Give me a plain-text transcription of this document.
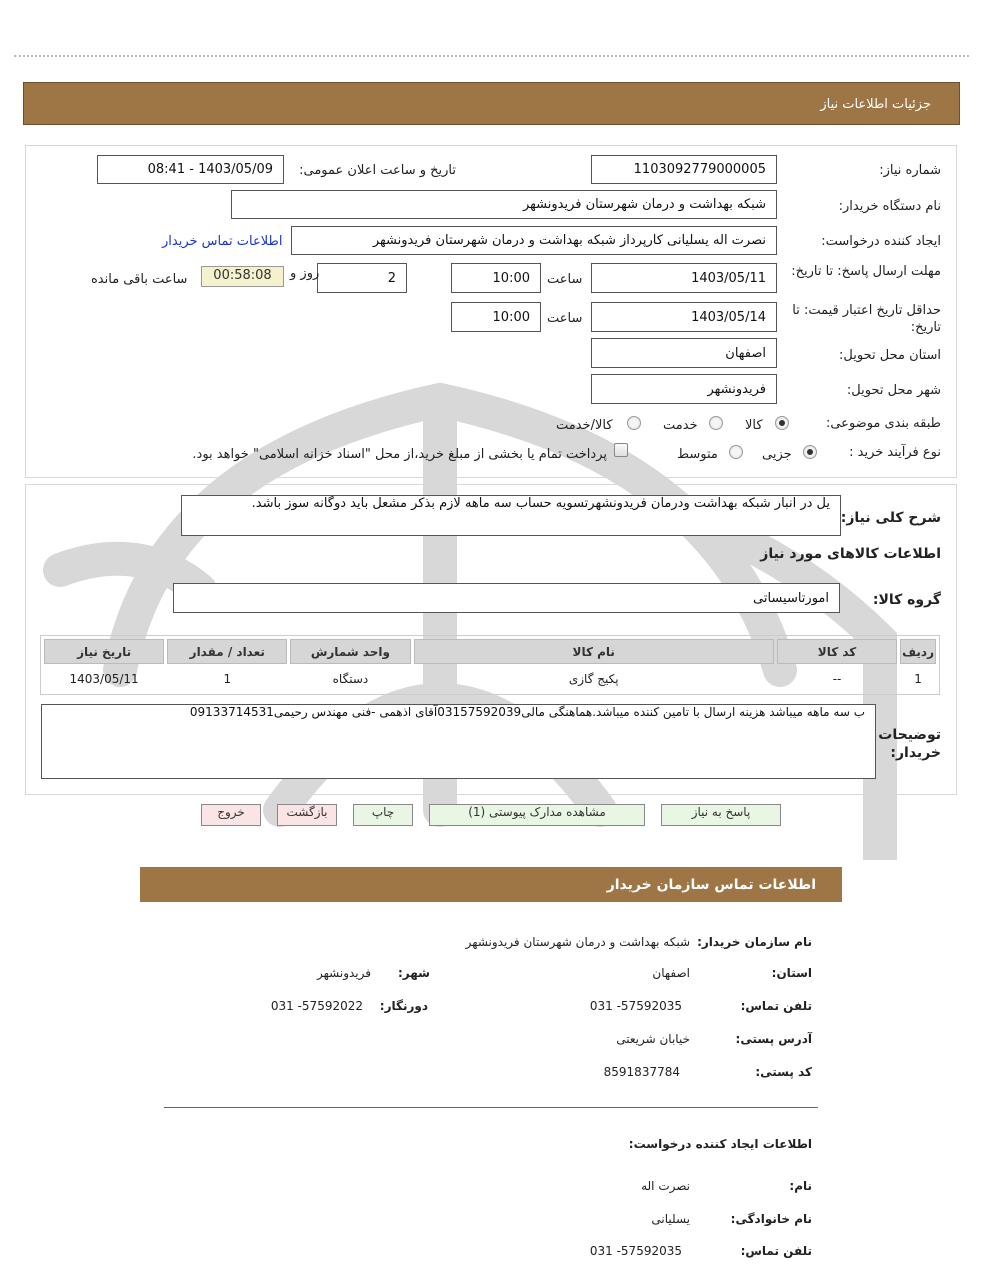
جزئیات اطلاعات نیاز
شماره نیاز:
1103092779000005
تاریخ و ساعت اعلان عمومی:
1403/05/09 - 08:41
نام دستگاه خریدار:
شبکه بهداشت و درمان شهرستان فریدونشهر
ایجاد کننده درخواست:
نصرت اله یسلیانی کارپرداز شبکه بهداشت و درمان شهرستان فریدونشهر
اطلاعات تماس خریدار
مهلت ارسال پاسخ: تا تاریخ:
1403/05/11
ساعت
10:00
2
روز و
00:58:08
ساعت باقی مانده
حداقل تاریخ اعتبار قیمت: تا تاریخ:
1403/05/14
ساعت
10:00
استان محل تحویل:
اصفهان
شهر محل تحویل:
فریدونشهر
طبقه بندی موضوعی:
کالا
خدمت
کالا/خدمت
نوع فرآیند خرید :
جزیی
متوسط
پرداخت تمام یا بخشی از مبلغ خرید،از محل "اسناد خزانه اسلامی" خواهد بود.
شرح کلی نیاز:
یل در انبار شبکه بهداشت ودرمان فریدونشهرتسویه حساب سه ماهه لازم بذکر مشعل باید دوگانه سوز باشد.
اطلاعات کالاهای مورد نیاز
گروه کالا:
امورتاسیساتی
ردیف	کد کالا	نام کالا	واحد شمارش	تعداد / مقدار	تاریخ نیاز
1	--	پکیج گازی	دستگاه	1	1403/05/11
توضیحات خریدار:
ب سه ماهه میباشد هزینه ارسال با تامین کننده میباشد.هماهنگی مالی03157592039آقای اذهمی -فنی مهندس رحیمی09133714531
پاسخ به نیاز
مشاهده مدارک پیوستی (1)
چاپ
بازگشت
خروج
اطلاعات تماس سازمان خریدار
نام سازمان خریدار:
شبکه بهداشت و درمان شهرستان فریدونشهر
استان:
اصفهان
شهر:
فریدونشهر
تلفن تماس:
57592035- 031
دورنگار:
57592022- 031
آدرس پستی:
خیابان شریعتی
کد پستی:
8591837784
اطلاعات ایجاد کننده درخواست:
نام:
نصرت اله
نام خانوادگی:
یسلیانی
تلفن تماس:
57592035- 031
